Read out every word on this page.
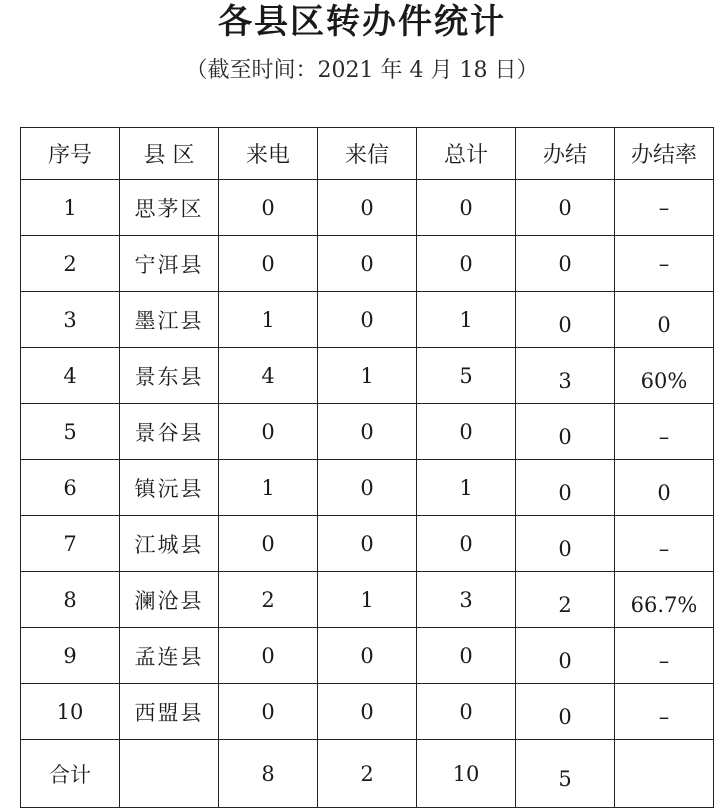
各县区转办件统计
（截至时间：2021 年 4 月 18 日）
序号	县 区	来电	来信	总计	办结	办结率
1	思茅区	0	0	0	0	–
2	宁洱县	0	0	0	0	–
3	墨江县	1	0	1	0	0
4	景东县	4	1	5	3	60%
5	景谷县	0	0	0	0	–
6	镇沅县	1	0	1	0	0
7	江城县	0	0	0	0	–
8	澜沧县	2	1	3	2	66.7%
9	孟连县	0	0	0	0	–
10	西盟县	0	0	0	0	–
合计		8	2	10	5	
